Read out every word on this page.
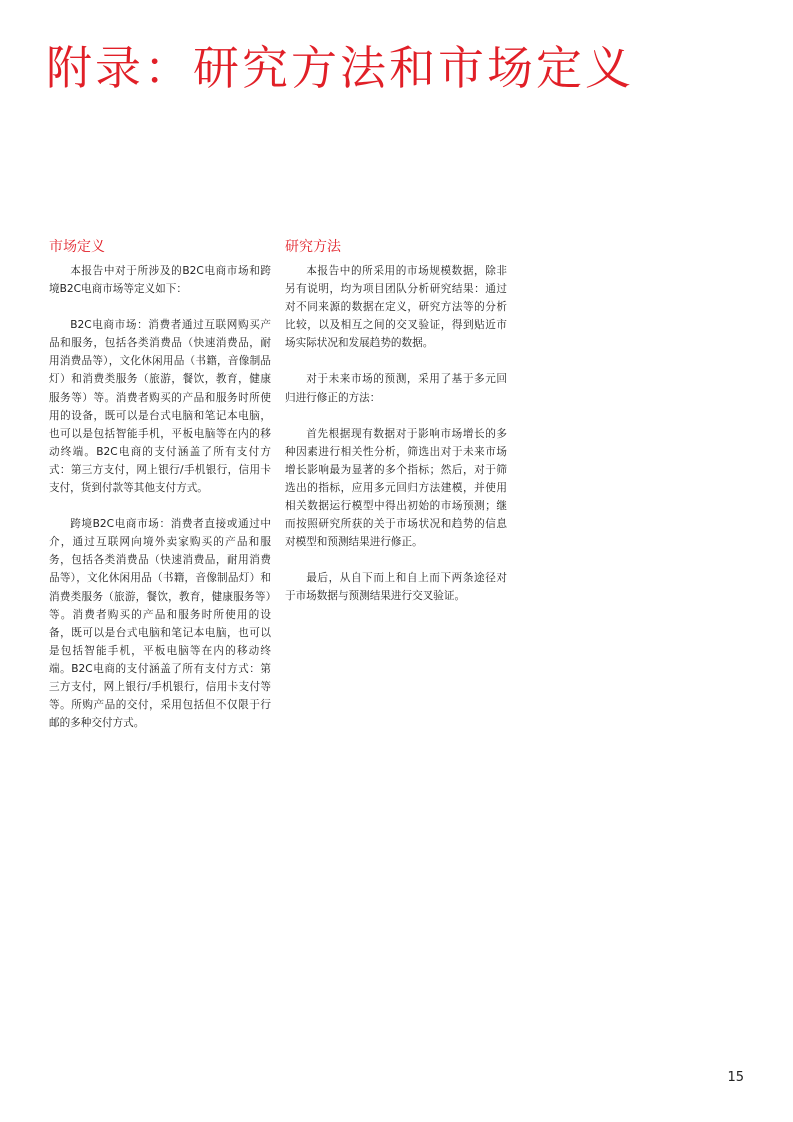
附录：研究方法和市场定义
市场定义

本报告中对于所涉及的B2C电商市场和跨境B2C电商市场等定义如下：

B2C电商市场：消费者通过互联网购买产品和服务，包括各类消费品（快速消费品，耐用消费品等），文化休闲用品（书籍，音像制品灯）和消费类服务（旅游，餐饮，教育，健康服务等）等。消费者购买的产品和服务时所使用的设备，既可以是台式电脑和笔记本电脑，也可以是包括智能手机，平板电脑等在内的移动终端。B2C电商的支付涵盖了所有支付方式：第三方支付，网上银行/手机银行，信用卡支付，货到付款等其他支付方式。

跨境B2C电商市场：消费者直接或通过中介，通过互联网向境外卖家购买的产品和服务，包括各类消费品（快速消费品，耐用消费品等），文化休闲用品（书籍，音像制品灯）和消费类服务（旅游，餐饮，教育，健康服务等）等。消费者购买的产品和服务时所使用的设备，既可以是台式电脑和笔记本电脑，也可以是包括智能手机，平板电脑等在内的移动终端。B2C电商的支付涵盖了所有支付方式：第三方支付，网上银行/手机银行，信用卡支付等等。所购产品的交付，采用包括但不仅限于行邮的多种交付方式。

研究方法

本报告中的所采用的市场规模数据，除非另有说明，均为项目团队分析研究结果：通过对不同来源的数据在定义，研究方法等的分析比较，以及相互之间的交叉验证，得到贴近市场实际状况和发展趋势的数据。

对于未来市场的预测，采用了基于多元回归进行修正的方法：

首先根据现有数据对于影响市场增长的多种因素进行相关性分析，筛选出对于未来市场增长影响最为显著的多个指标；然后，对于筛选出的指标，应用多元回归方法建模，并使用相关数据运行模型中得出初始的市场预测；继而按照研究所获的关于市场状况和趋势的信息对模型和预测结果进行修正。

最后，从自下而上和自上而下两条途径对于市场数据与预测结果进行交叉验证。

15
